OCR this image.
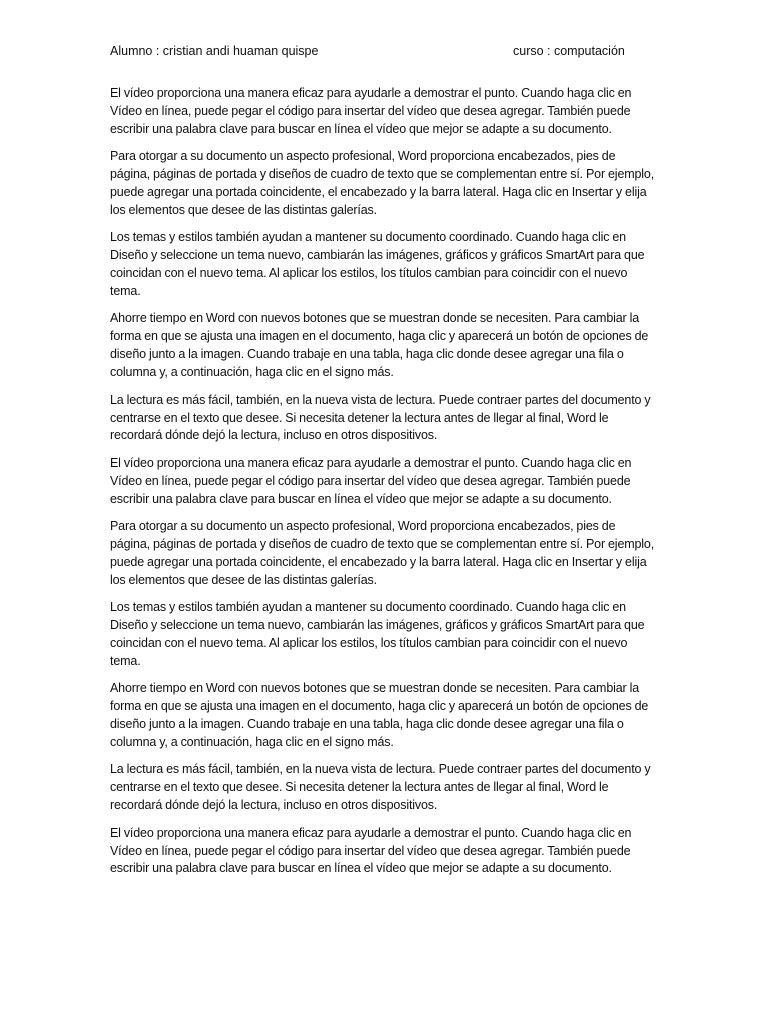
Alumno : cristian andi huaman quispe	curso : computación

El vídeo proporciona una manera eficaz para ayudarle a demostrar el punto. Cuando haga clic en Vídeo en línea, puede pegar el código para insertar del vídeo que desea agregar. También puede escribir una palabra clave para buscar en línea el vídeo que mejor se adapte a su documento.

Para otorgar a su documento un aspecto profesional, Word proporciona encabezados, pies de página, páginas de portada y diseños de cuadro de texto que se complementan entre sí. Por ejemplo, puede agregar una portada coincidente, el encabezado y la barra lateral. Haga clic en Insertar y elija los elementos que desee de las distintas galerías.

Los temas y estilos también ayudan a mantener su documento coordinado. Cuando haga clic en Diseño y seleccione un tema nuevo, cambiarán las imágenes, gráficos y gráficos SmartArt para que coincidan con el nuevo tema. Al aplicar los estilos, los títulos cambian para coincidir con el nuevo tema.

Ahorre tiempo en Word con nuevos botones que se muestran donde se necesiten. Para cambiar la forma en que se ajusta una imagen en el documento, haga clic y aparecerá un botón de opciones de diseño junto a la imagen. Cuando trabaje en una tabla, haga clic donde desee agregar una fila o columna y, a continuación, haga clic en el signo más.

La lectura es más fácil, también, en la nueva vista de lectura. Puede contraer partes del documento y centrarse en el texto que desee. Si necesita detener la lectura antes de llegar al final, Word le recordará dónde dejó la lectura, incluso en otros dispositivos.

El vídeo proporciona una manera eficaz para ayudarle a demostrar el punto. Cuando haga clic en Vídeo en línea, puede pegar el código para insertar del vídeo que desea agregar. También puede escribir una palabra clave para buscar en línea el vídeo que mejor se adapte a su documento.

Para otorgar a su documento un aspecto profesional, Word proporciona encabezados, pies de página, páginas de portada y diseños de cuadro de texto que se complementan entre sí. Por ejemplo, puede agregar una portada coincidente, el encabezado y la barra lateral. Haga clic en Insertar y elija los elementos que desee de las distintas galerías.

Los temas y estilos también ayudan a mantener su documento coordinado. Cuando haga clic en Diseño y seleccione un tema nuevo, cambiarán las imágenes, gráficos y gráficos SmartArt para que coincidan con el nuevo tema. Al aplicar los estilos, los títulos cambian para coincidir con el nuevo tema.

Ahorre tiempo en Word con nuevos botones que se muestran donde se necesiten. Para cambiar la forma en que se ajusta una imagen en el documento, haga clic y aparecerá un botón de opciones de diseño junto a la imagen. Cuando trabaje en una tabla, haga clic donde desee agregar una fila o columna y, a continuación, haga clic en el signo más.

La lectura es más fácil, también, en la nueva vista de lectura. Puede contraer partes del documento y centrarse en el texto que desee. Si necesita detener la lectura antes de llegar al final, Word le recordará dónde dejó la lectura, incluso en otros dispositivos.

El vídeo proporciona una manera eficaz para ayudarle a demostrar el punto. Cuando haga clic en Vídeo en línea, puede pegar el código para insertar del vídeo que desea agregar. También puede escribir una palabra clave para buscar en línea el vídeo que mejor se adapte a su documento.
